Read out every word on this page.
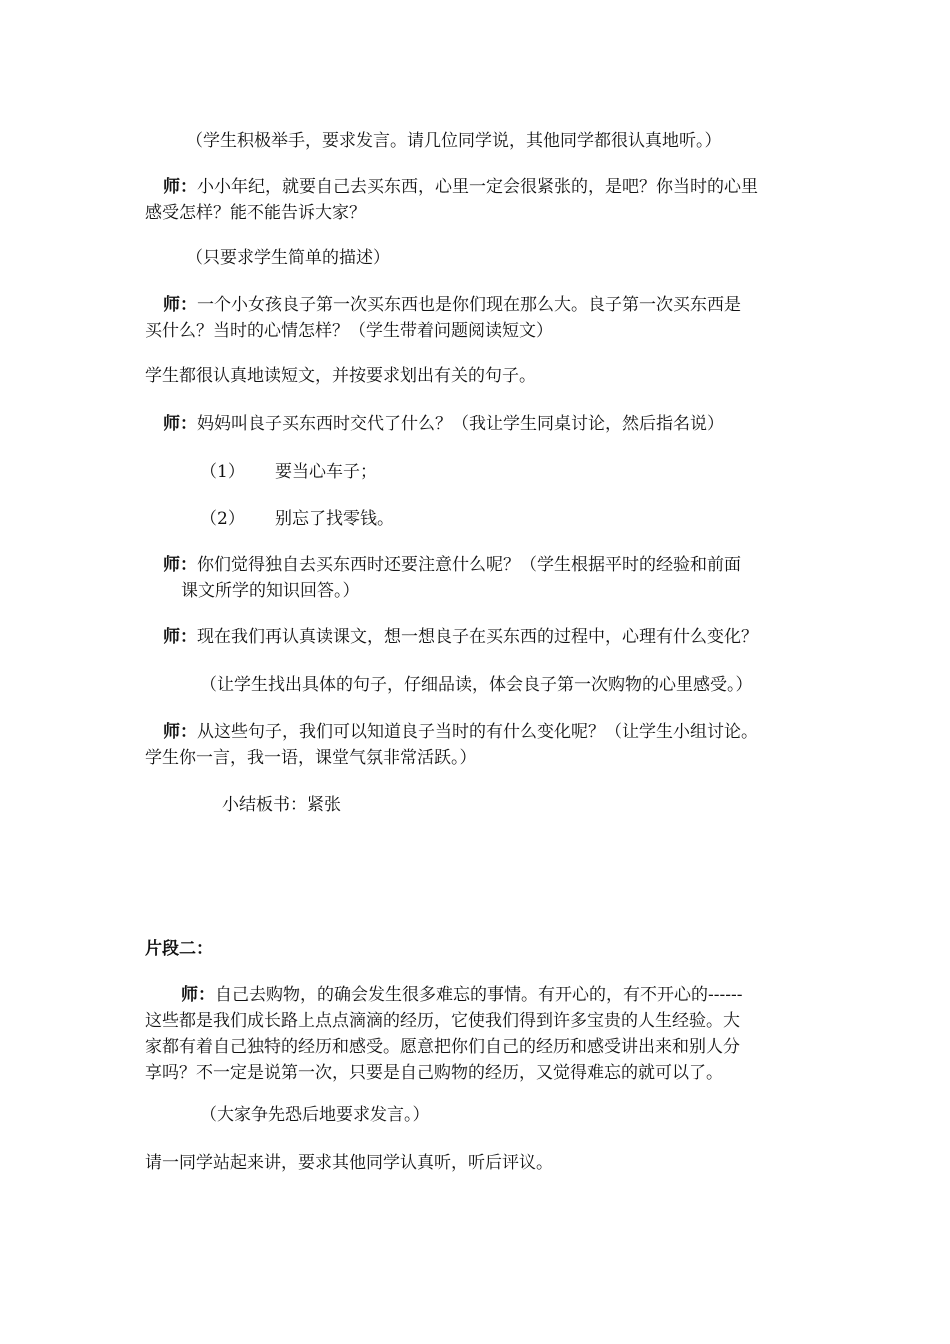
（学生积极举手，要求发言。请几位同学说，其他同学都很认真地听。）

师：小小年纪，就要自己去买东西，心里一定会很紧张的，是吧？你当时的心里
感受怎样？能不能告诉大家？

（只要求学生简单的描述）

师：一个小女孩良子第一次买东西也是你们现在那么大。良子第一次买东西是
买什么？当时的心情怎样？（学生带着问题阅读短文）

学生都很认真地读短文，并按要求划出有关的句子。

师：妈妈叫良子买东西时交代了什么？（我让学生同桌讨论，然后指名说）

（1） 要当心车子；
（2） 别忘了找零钱。

师：你们觉得独自去买东西时还要注意什么呢？（学生根据平时的经验和前面
课文所学的知识回答。）

师：现在我们再认真读课文，想一想良子在买东西的过程中，心理有什么变化？

（让学生找出具体的句子，仔细品读，体会良子第一次购物的心里感受。）

师：从这些句子，我们可以知道良子当时的有什么变化呢？（让学生小组讨论。
学生你一言，我一语，课堂气氛非常活跃。）

小结板书：紧张

片段二：

师：自己去购物，的确会发生很多难忘的事情。有开心的，有不开心的------
这些都是我们成长路上点点滴滴的经历，它使我们得到许多宝贵的人生经验。大
家都有着自己独特的经历和感受。愿意把你们自己的经历和感受讲出来和别人分
享吗？不一定是说第一次，只要是自己购物的经历，又觉得难忘的就可以了。

（大家争先恐后地要求发言。）

请一同学站起来讲，要求其他同学认真听，听后评议。
